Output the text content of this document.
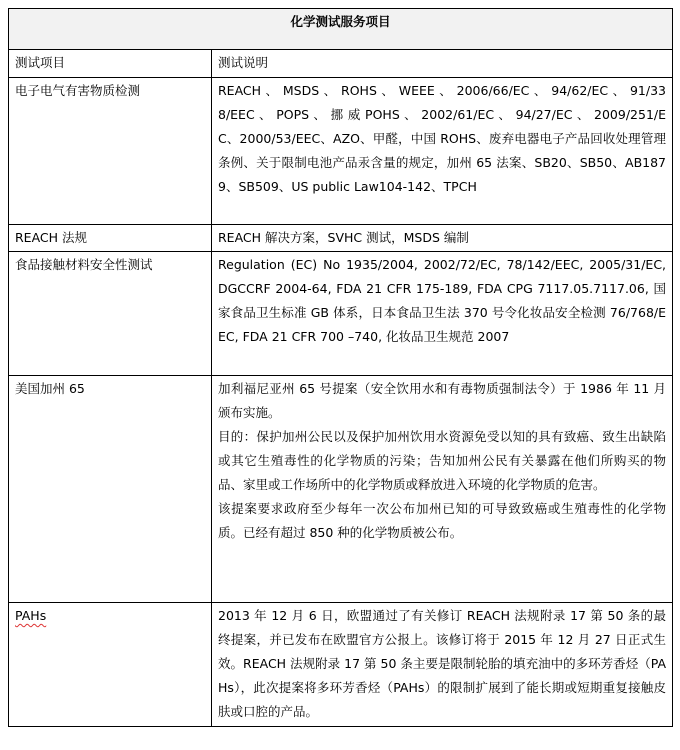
化学测试服务项目	
测试项目	测试说明
电子电气有害物质检测	REACH 、 MSDS 、 ROHS 、 WEEE 、 2006/66/EC 、 94/62/EC 、 91/338/EEC 、 POPS 、 挪 威 POHS 、 2002/61/EC 、 94/27/EC 、 2009/251/EC、2000/53/EEC、AZO、甲醛，中国 ROHS、废弃电器电子产品回收处理管理条例、关于限制电池产品汞含量的规定，加州 65 法案、SB20、SB50、AB1879、SB509、US public Law104-142、TPCH

REACH 法规	REACH 解决方案，SVHC 测试，MSDS 编制

食品接触材料安全性测试	Regulation (EC) No 1935/2004, 2002/72/EC, 78/142/EEC, 2005/31/EC, DGCCRF 2004-64, FDA 21 CFR 175-189, FDA CPG 7117.05.7117.06, 国家食品卫生标准 GB 体系，日本食品卫生法 370 号令化妆品安全检测 76/768/EEC, FDA 21 CFR 700 –740, 化妆品卫生规范 2007

美国加州 65	加利福尼亚州 65 号提案（安全饮用水和有毒物质强制法令）于 1986 年 11 月颁布实施。

目的：保护加州公民以及保护加州饮用水资源免受以知的具有致癌、致生出缺陷或其它生殖毒性的化学物质的污染；告知加州公民有关暴露在他们所购买的物品、家里或工作场所中的化学物质或释放进入环境的化学物质的危害。

该提案要求政府至少每年一次公布加州已知的可导致致癌或生殖毒性的化学物质。已经有超过 850 种的化学物质被公布。

PAHs	2013 年 12 月 6 日，欧盟通过了有关修订 REACH 法规附录 17 第 50 条的最终提案，并已发布在欧盟官方公报上。该修订将于 2015 年 12 月 27 日正式生效。REACH 法规附录 17 第 50 条主要是限制轮胎的填充油中的多环芳香烃（PAHs），此次提案将多环芳香烃（PAHs）的限制扩展到了能长期或短期重复接触皮肤或口腔的产品。
